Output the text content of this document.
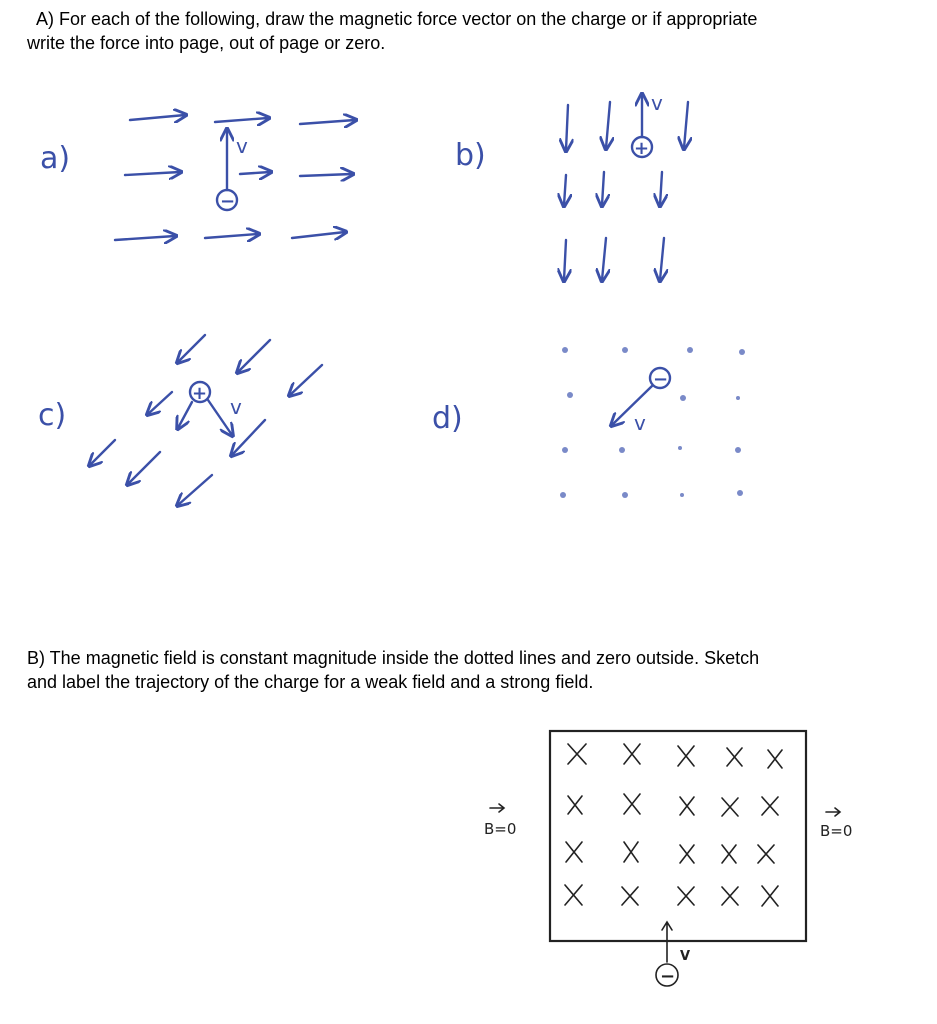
A) For each of the following, draw the magnetic force vector on the charge or if appropriate

write the force into page, out of page or zero.

B) The magnetic field is constant magnitude inside the dotted lines and zero outside. Sketch

and label the trajectory of the charge for a weak field and a strong field.

a)
−
v	b)	+
v
c)
+
v	d)
−
v
B=0	B=0
V
−
